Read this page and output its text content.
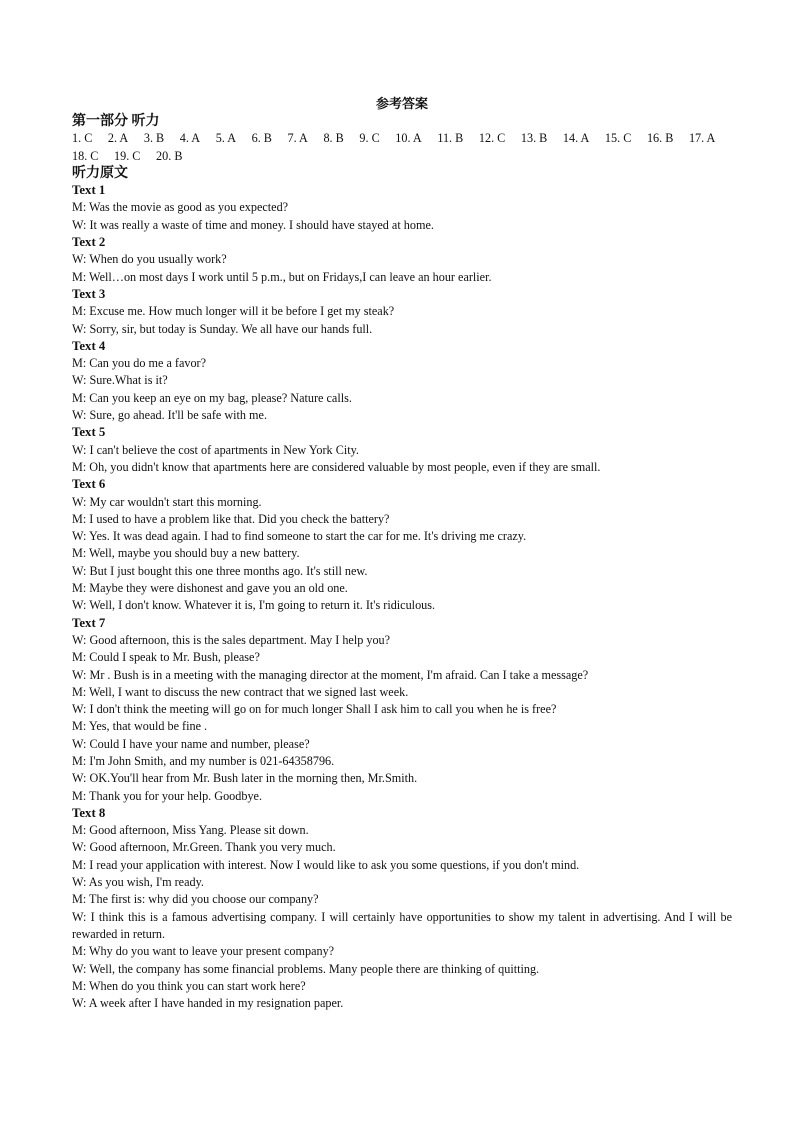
参考答案
第一部分 听力
1. C 2. A 3. B 4. A 5. A 6. B 7. A 8. B 9. C 10. A 11. B 12. C 13. B 14. A 15. C 16. B 17. A18. C 19. C 20. B
听力原文
Text 1
M: Was the movie as good as you expected?
W: It was really a waste of time and money. I should have stayed at home.
Text 2
W: When do you usually work?
M: Well…on most days I work until 5 p.m., but on Fridays,I can leave an hour earlier.
Text 3
M: Excuse me. How much longer will it be before I get my steak?
W: Sorry, sir, but today is Sunday. We all have our hands full.
Text 4
M: Can you do me a favor?
W: Sure.What is it?
M: Can you keep an eye on my bag, please? Nature calls.
W: Sure, go ahead. It'll be safe with me.
Text 5
W: I can't believe the cost of apartments in New York City.
M: Oh, you didn't know that apartments here are considered valuable by most people, even if they are small.
Text 6
W: My car wouldn't start this morning.
M: I used to have a problem like that. Did you check the battery?
W: Yes. It was dead again. I had to find someone to start the car for me. It's driving me crazy.
M: Well, maybe you should buy a new battery.
W: But I just bought this one three months ago. It's still new.
M: Maybe they were dishonest and gave you an old one.
W: Well, I don't know. Whatever it is, I'm going to return it. It's ridiculous.
Text 7
W: Good afternoon, this is the sales department. May I help you?
M: Could I speak to Mr. Bush, please?
W: Mr . Bush is in a meeting with the managing director at the moment, I'm afraid. Can I take a message?
M: Well, I want to discuss the new contract that we signed last week.
W: I don't think the meeting will go on for much longer Shall I ask him to call you when he is free?
M: Yes, that would be fine .
W: Could I have your name and number, please?
M: I'm John Smith, and my number is 021-64358796.
W: OK.You'll hear from Mr. Bush later in the morning then, Mr.Smith.
M: Thank you for your help. Goodbye.
Text 8
M: Good afternoon, Miss Yang. Please sit down.
W: Good afternoon, Mr.Green. Thank you very much.
M: I read your application with interest. Now I would like to ask you some questions, if you don't mind.
W: As you wish, I'm ready.
M: The first is: why did you choose our company?
W: I think this is a famous advertising company. I will certainly have opportunities to show my talent in advertising. And I will be rewarded in return.
M: Why do you want to leave your present company?
W: Well, the company has some financial problems. Many people there are thinking of quitting.
M: When do you think you can start work here?
W: A week after I have handed in my resignation paper.
